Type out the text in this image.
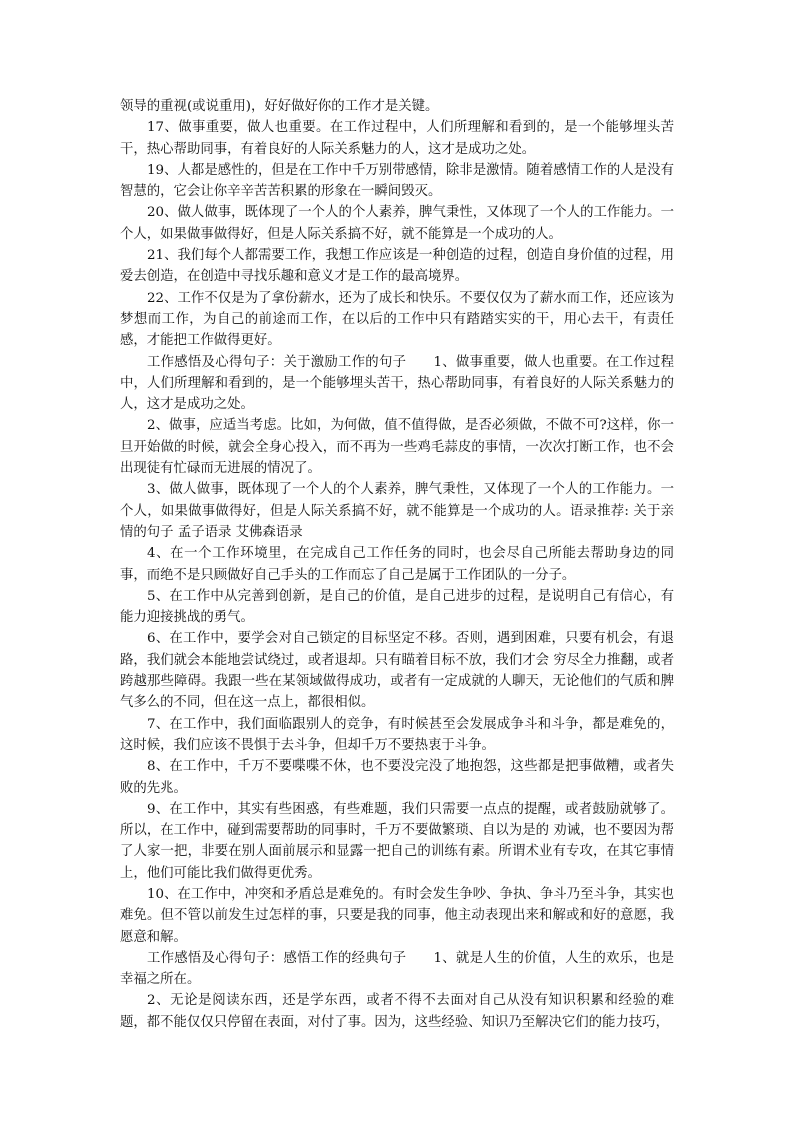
领导的重视(或说重用)，好好做好你的工作才是关键。

17、做事重要，做人也重要。在工作过程中，人们所理解和看到的，是一个能够埋头苦干，热心帮助同事，有着良好的人际关系魅力的人，这才是成功之处。

19、人都是感性的，但是在工作中千万别带感情，除非是激情。随着感情工作的人是没有智慧的，它会让你辛辛苦苦积累的形象在一瞬间毁灭。

20、做人做事，既体现了一个人的个人素养，脾气秉性，又体现了一个人的工作能力。一个人，如果做事做得好，但是人际关系搞不好，就不能算是一个成功的人。

21、我们每个人都需要工作，我想工作应该是一种创造的过程，创造自身价值的过程，用爱去创造，在创造中寻找乐趣和意义才是工作的最高境界。

22、工作不仅是为了拿份薪水，还为了成长和快乐。不要仅仅为了薪水而工作，还应该为梦想而工作，为自己的前途而工作，在以后的工作中只有踏踏实实的干，用心去干，有责任感，才能把工作做得更好。

工作感悟及心得句子：关于激励工作的句子　　1、做事重要，做人也重要。在工作过程中，人们所理解和看到的，是一个能够埋头苦干，热心帮助同事，有着良好的人际关系魅力的人，这才是成功之处。

2、做事，应适当考虑。比如，为何做，值不值得做，是否必须做，不做不可?这样，你一旦开始做的时候，就会全身心投入，而不再为一些鸡毛蒜皮的事情，一次次打断工作，也不会出现徒有忙碌而无进展的情况了。

3、做人做事，既体现了一个人的个人素养，脾气秉性，又体现了一个人的工作能力。一个人，如果做事做得好，但是人际关系搞不好，就不能算是一个成功的人。语录推荐: 关于亲情的句子 孟子语录 艾佛森语录

4、在一个工作环境里，在完成自己工作任务的同时，也会尽自己所能去帮助身边的同事，而绝不是只顾做好自己手头的工作而忘了自己是属于工作团队的一分子。

5、在工作中从完善到创新，是自己的价值，是自己进步的过程，是说明自己有信心，有能力迎接挑战的勇气。

6、在工作中，要学会对自己锁定的目标坚定不移。否则，遇到困难，只要有机会，有退路，我们就会本能地尝试绕过，或者退却。只有瞄着目标不放，我们才会 穷尽全力推翻，或者跨越那些障碍。我跟一些在某领域做得成功，或者有一定成就的人聊天，无论他们的气质和脾气多么的不同，但在这一点上，都很相似。

7、在工作中，我们面临跟别人的竞争，有时候甚至会发展成争斗和斗争，都是难免的，这时候，我们应该不畏惧于去斗争，但却千万不要热衷于斗争。

8、在工作中，千万不要喋喋不休，也不要没完没了地抱怨，这些都是把事做糟，或者失败的先兆。

9、在工作中，其实有些困惑，有些难题，我们只需要一点点的提醒，或者鼓励就够了。所以，在工作中，碰到需要帮助的同事时，千万不要做繁琐、自以为是的 劝诫，也不要因为帮了人家一把，非要在别人面前展示和显露一把自己的训练有素。所谓术业有专攻，在其它事情上，他们可能比我们做得更优秀。

10、在工作中，冲突和矛盾总是难免的。有时会发生争吵、争执、争斗乃至斗争，其实也难免。但不管以前发生过怎样的事，只要是我的同事，他主动表现出来和解或和好的意愿，我愿意和解。

工作感悟及心得句子：感悟工作的经典句子　　1、就是人生的价值，人生的欢乐，也是幸福之所在。

2、无论是阅读东西，还是学东西，或者不得不去面对自己从没有知识积累和经验的难题，都不能仅仅只停留在表面，对付了事。因为，这些经验、知识乃至解决它们的能力技巧，
